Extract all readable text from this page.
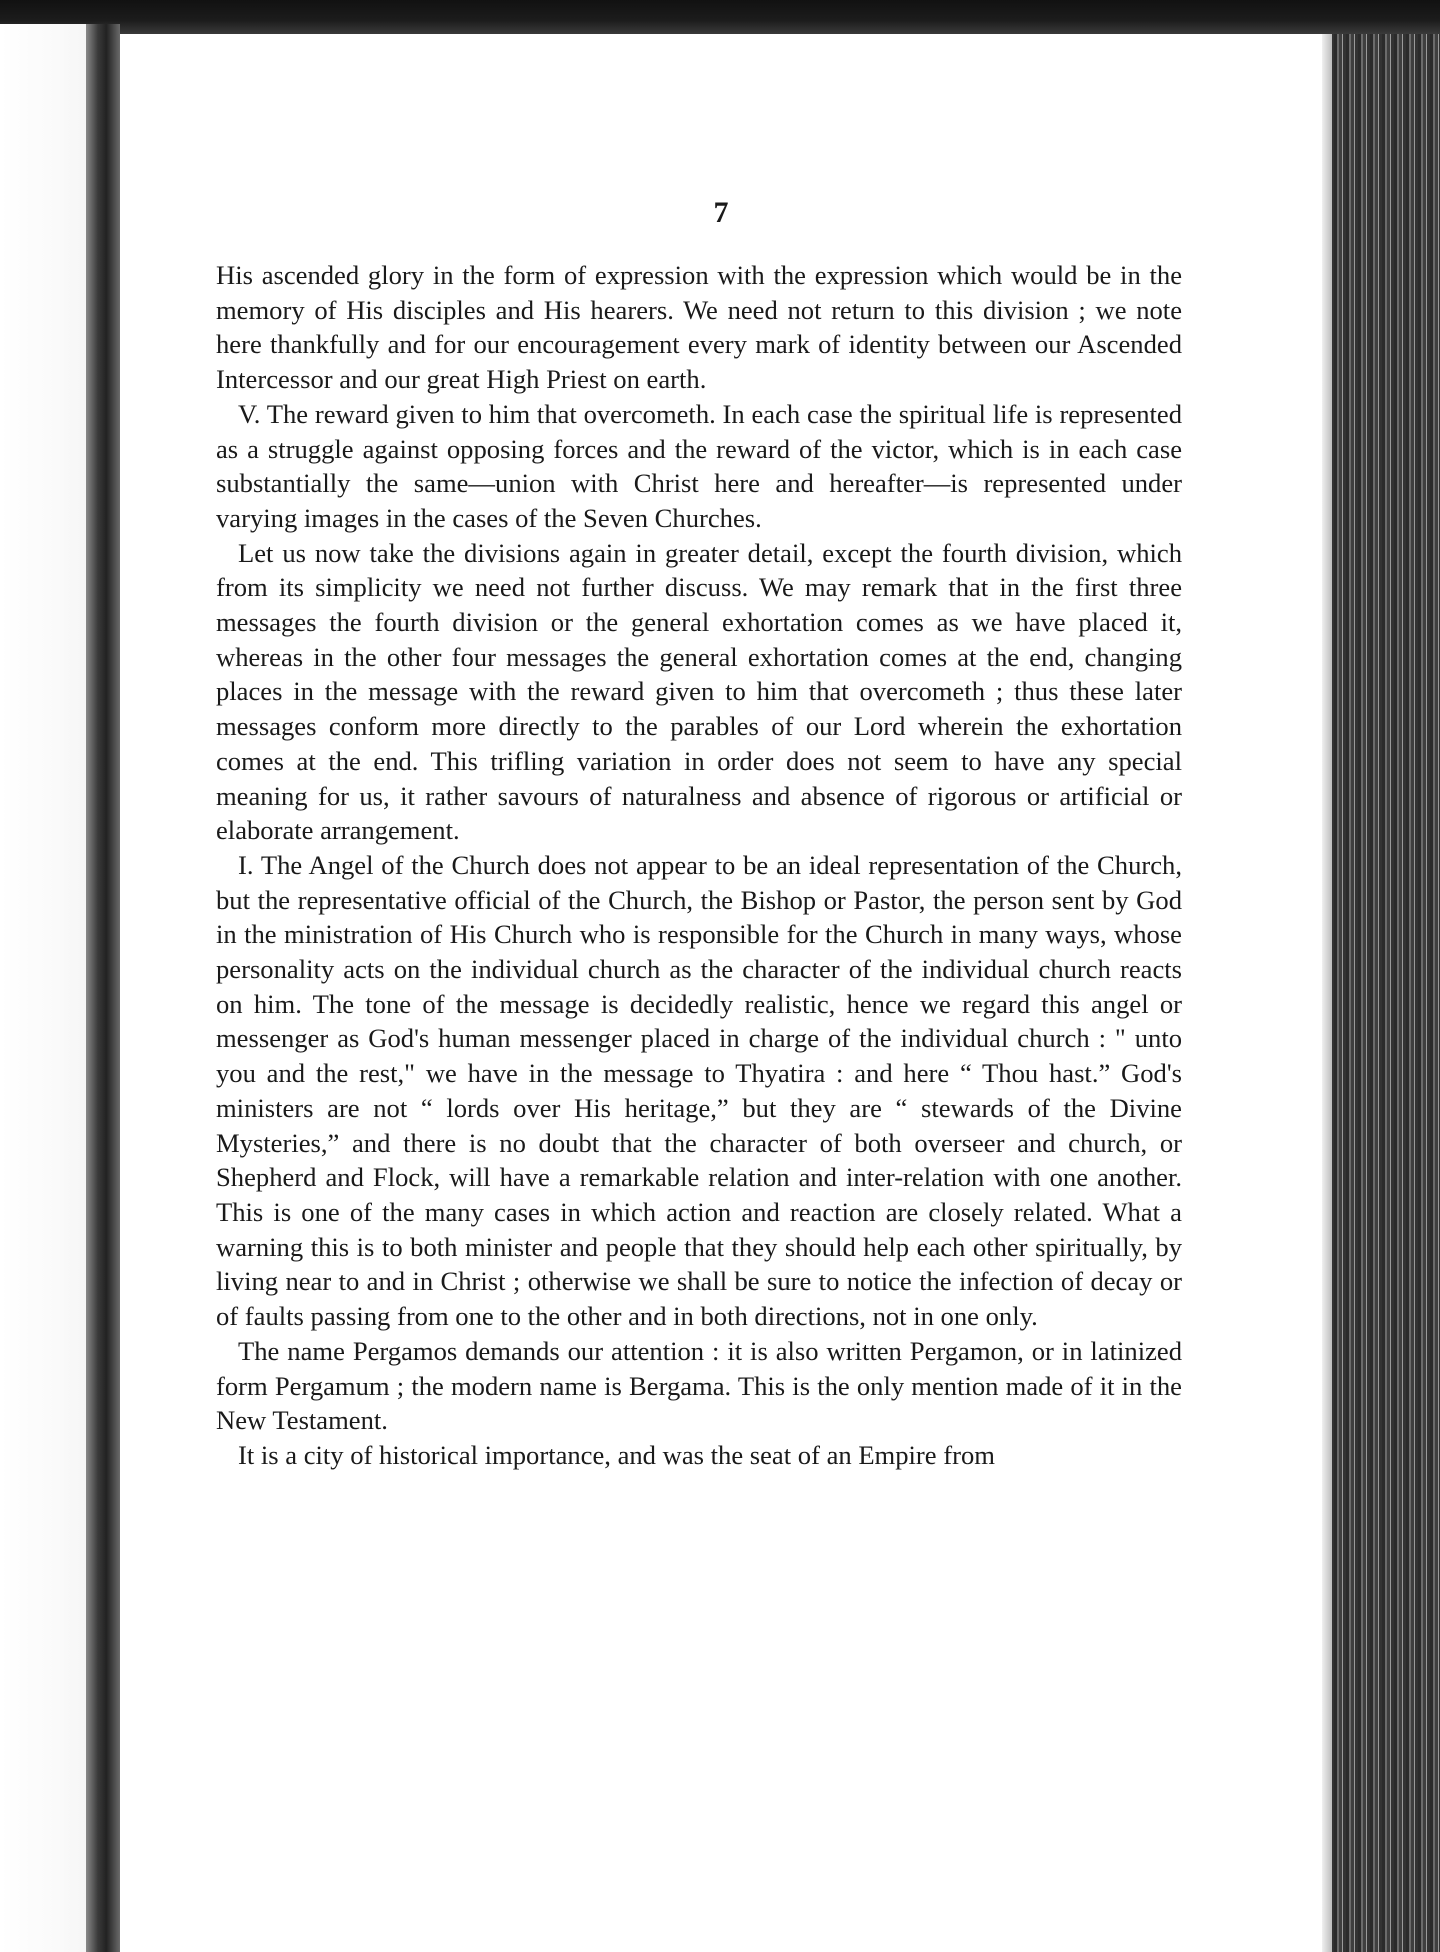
7

His ascended glory in the form of expression with the expression which would be in the memory of His disciples and His hearers. We need not return to this division ; we note here thankfully and for our encouragement every mark of identity between our Ascended Intercessor and our great High Priest on earth.

V. The reward given to him that overcometh. In each case the spiritual life is represented as a struggle against opposing forces and the reward of the victor, which is in each case substantially the same—union with Christ here and hereafter—is represented under varying images in the cases of the Seven Churches.

Let us now take the divisions again in greater detail, except the fourth division, which from its simplicity we need not further discuss. We may remark that in the first three messages the fourth division or the general exhortation comes as we have placed it, whereas in the other four messages the general exhortation comes at the end, changing places in the message with the reward given to him that overcometh ; thus these later messages conform more directly to the parables of our Lord wherein the exhortation comes at the end. This trifling variation in order does not seem to have any special meaning for us, it rather savours of naturalness and absence of rigorous or artificial or elaborate arrangement.

I. The Angel of the Church does not appear to be an ideal representation of the Church, but the representative official of the Church, the Bishop or Pastor, the person sent by God in the ministration of His Church who is responsible for the Church in many ways, whose personality acts on the individual church as the character of the individual church reacts on him. The tone of the message is decidedly realistic, hence we regard this angel or messenger as God's human messenger placed in charge of the individual church : " unto you and the rest," we have in the message to Thyatira : and here “ Thou hast.” God's ministers are not “ lords over His heritage,” but they are “ stewards of the Divine Mysteries,” and there is no doubt that the character of both overseer and church, or Shepherd and Flock, will have a remarkable relation and inter-relation with one another. This is one of the many cases in which action and reaction are closely related. What a warning this is to both minister and people that they should help each other spiritually, by living near to and in Christ ; otherwise we shall be sure to notice the infection of decay or of faults passing from one to the other and in both directions, not in one only.

The name Pergamos demands our attention : it is also written Pergamon, or in latinized form Pergamum ; the modern name is Bergama. This is the only mention made of it in the New Testament.

It is a city of historical importance, and was the seat of an Empire from
